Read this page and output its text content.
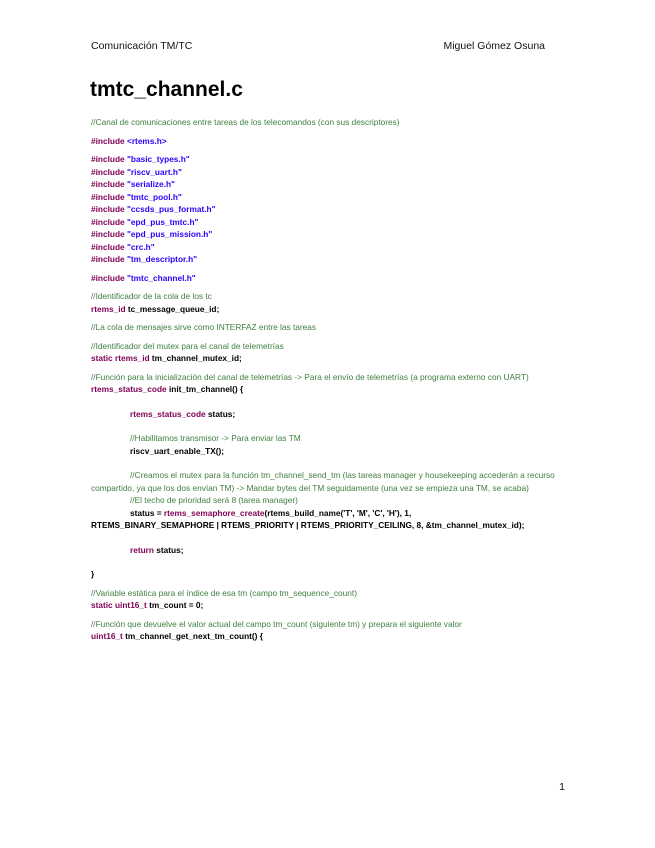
Comunicación TM/TC	Miguel Gómez Osuna
tmtc_channel.c
//Canal de comunicaciones entre tareas de los telecomandos (con sus descriptores)
#include <rtems.h>
#include "basic_types.h"
#include "riscv_uart.h"
#include "serialize.h"
#include "tmtc_pool.h"
#include "ccsds_pus_format.h"
#include "epd_pus_tmtc.h"
#include "epd_pus_mission.h"
#include "crc.h"
#include "tm_descriptor.h"
#include "tmtc_channel.h"
//Identificador de la cola de los tc
rtems_id tc_message_queue_id;
//La cola de mensajes sirve como INTERFAZ entre las tareas
//Identificador del mutex para el canal de telemetrías
static rtems_id tm_channel_mutex_id;
//Función para la inicialización del canal de telemetrías -> Para el envío de telemetrías (a programa externo con UART)
rtems_status_code init_tm_channel() {
rtems_status_code status;
//Habilitamos transmisor -> Para enviar las TM
riscv_uart_enable_TX();
//Creamos el mutex para la función tm_channel_send_tm (las tareas manager y housekeeping accederán a recurso compartido, ya que los dos envían TM) -> Mandar bytes del TM seguidamente (una vez se empieza una TM, se acaba)
//El techo de prioridad será 8 (tarea manager)
status = rtems_semaphore_create(rtems_build_name('T', 'M', 'C', 'H'), 1,
RTEMS_BINARY_SEMAPHORE | RTEMS_PRIORITY | RTEMS_PRIORITY_CEILING, 8, &tm_channel_mutex_id);
return status;
}
//Variable estática para el índice de esa tm (campo tm_sequence_count)
static uint16_t tm_count = 0;
//Función que devuelve el valor actual del campo tm_count (siguiente tm) y prepara el siguiente valor
uint16_t tm_channel_get_next_tm_count() {
1
